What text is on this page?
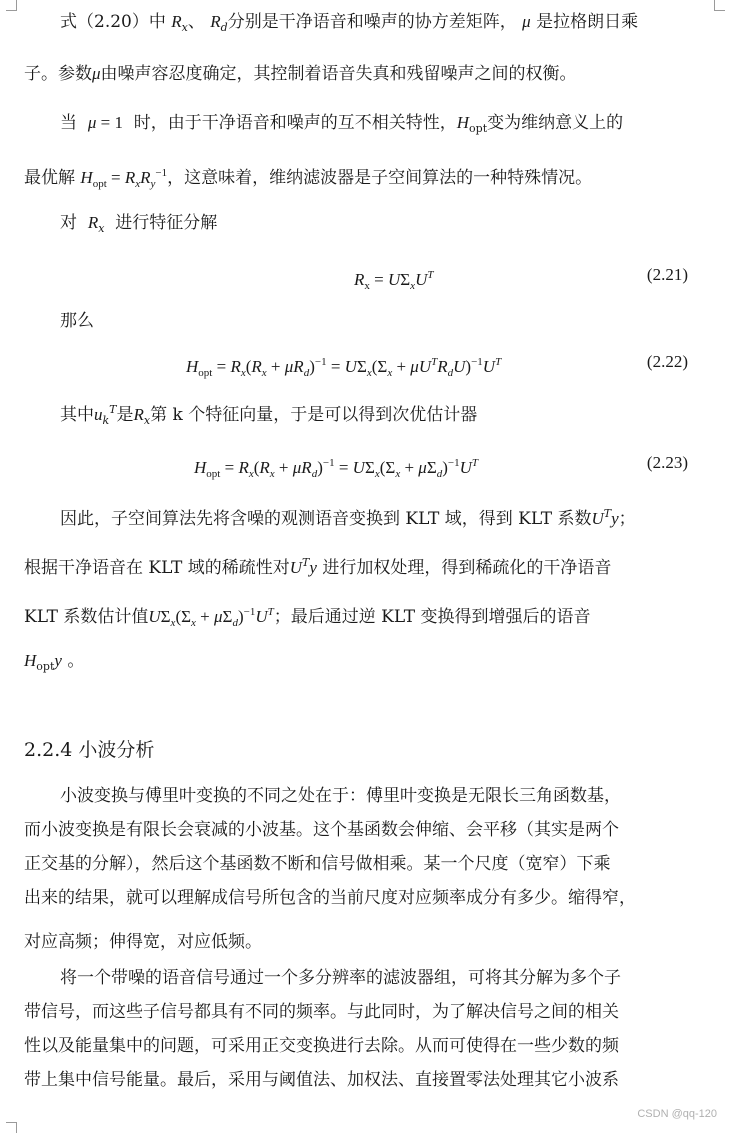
式（2.20）中 $R_x$、 $R_d$分别是干净语音和噪声的协方差矩阵， μ 是拉格朗日乘
子。参数μ由噪声容忍度确定，其控制着语音失真和残留噪声之间的权衡。
当 μ = 1 时，由于干净语音和噪声的互不相关特性，$H_{opt}$变为维纳意义上的
最优解 $H_{opt} = R_xR_y^{-1}$，这意味着，维纳滤波器是子空间算法的一种特殊情况。
对 $R_x$ 进行特征分解
$R_x = U\Sigma_xU^T$	(2.21)
那么
$H_{opt} = R_x(R_x + \mu R_d)^{-1} = U\Sigma_x(\Sigma_x + \mu U^TR_dU)^{-1}U^T$	(2.22)
其中$u_k^T$是$R_x$第 k 个特征向量，于是可以得到次优估计器
$H_{opt} = R_x(R_x + \mu R_d)^{-1} = U\Sigma_x(\Sigma_x + \mu\Sigma_d)^{-1}U^T$	(2.23)
因此，子空间算法先将含噪的观测语音变换到 KLT 域，得到 KLT 系数$U^Ty$；
根据干净语音在 KLT 域的稀疏性对$U^Ty$ 进行加权处理，得到稀疏化的干净语音
KLT 系数估计值$U\Sigma_x(\Sigma_x + \mu\Sigma_d)^{-1}U^T$；最后通过逆 KLT 变换得到增强后的语音
$H_{opt}y$ 。
2.2.4 小波分析
小波变换与傅里叶变换的不同之处在于：傅里叶变换是无限长三角函数基，
而小波变换是有限长会衰减的小波基。这个基函数会伸缩、会平移（其实是两个
正交基的分解），然后这个基函数不断和信号做相乘。某一个尺度（宽窄）下乘
出来的结果，就可以理解成信号所包含的当前尺度对应频率成分有多少。缩得窄，
对应高频；伸得宽，对应低频。
将一个带噪的语音信号通过一个多分辨率的滤波器组，可将其分解为多个子
带信号，而这些子信号都具有不同的频率。与此同时，为了解决信号之间的相关
性以及能量集中的问题，可采用正交变换进行去除。从而可使得在一些少数的频
带上集中信号能量。最后，采用与阈值法、加权法、直接置零法处理其它小波系
CSDN @qq-120
